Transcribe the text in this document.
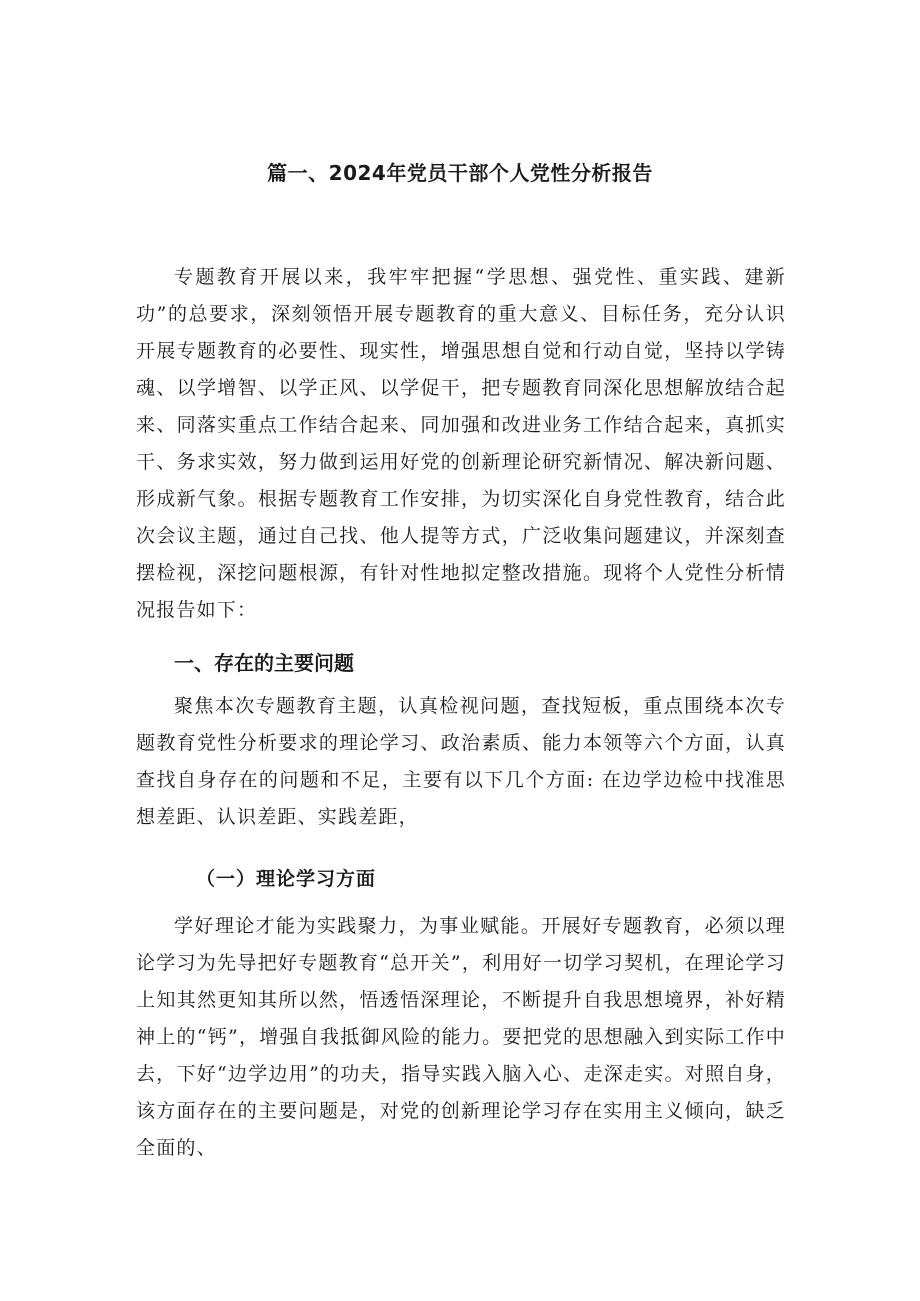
篇一、2024年党员干部个人党性分析报告

专题教育开展以来，我牢牢把握“学思想、强党性、重实践、建新功”的总要求，深刻领悟开展专题教育的重大意义、目标任务，充分认识开展专题教育的必要性、现实性，增强思想自觉和行动自觉，坚持以学铸魂、以学增智、以学正风、以学促干，把专题教育同深化思想解放结合起来、同落实重点工作结合起来、同加强和改进业务工作结合起来，真抓实干、务求实效，努力做到运用好党的创新理论研究新情况、解决新问题、形成新气象。根据专题教育工作安排，为切实深化自身党性教育，结合此次会议主题，通过自己找、他人提等方式，广泛收集问题建议，并深刻查摆检视，深挖问题根源，有针对性地拟定整改措施。现将个人党性分析情况报告如下：

一、存在的主要问题

聚焦本次专题教育主题，认真检视问题，查找短板，重点围绕本次专题教育党性分析要求的理论学习、政治素质、能力本领等六个方面，认真查找自身存在的问题和不足，主要有以下几个方面: 在边学边检中找准思想差距、认识差距、实践差距，

（一）理论学习方面

学好理论才能为实践聚力，为事业赋能。开展好专题教育，必须以理论学习为先导把好专题教育“总开关”，利用好一切学习契机，在理论学习上知其然更知其所以然，悟透悟深理论，不断提升自我思想境界，补好精神上的“钙”，增强自我抵御风险的能力。要把党的思想融入到实际工作中去，下好“边学边用”的功夫，指导实践入脑入心、走深走实。对照自身，该方面存在的主要问题是，对党的创新理论学习存在实用主义倾向，缺乏全面的、
